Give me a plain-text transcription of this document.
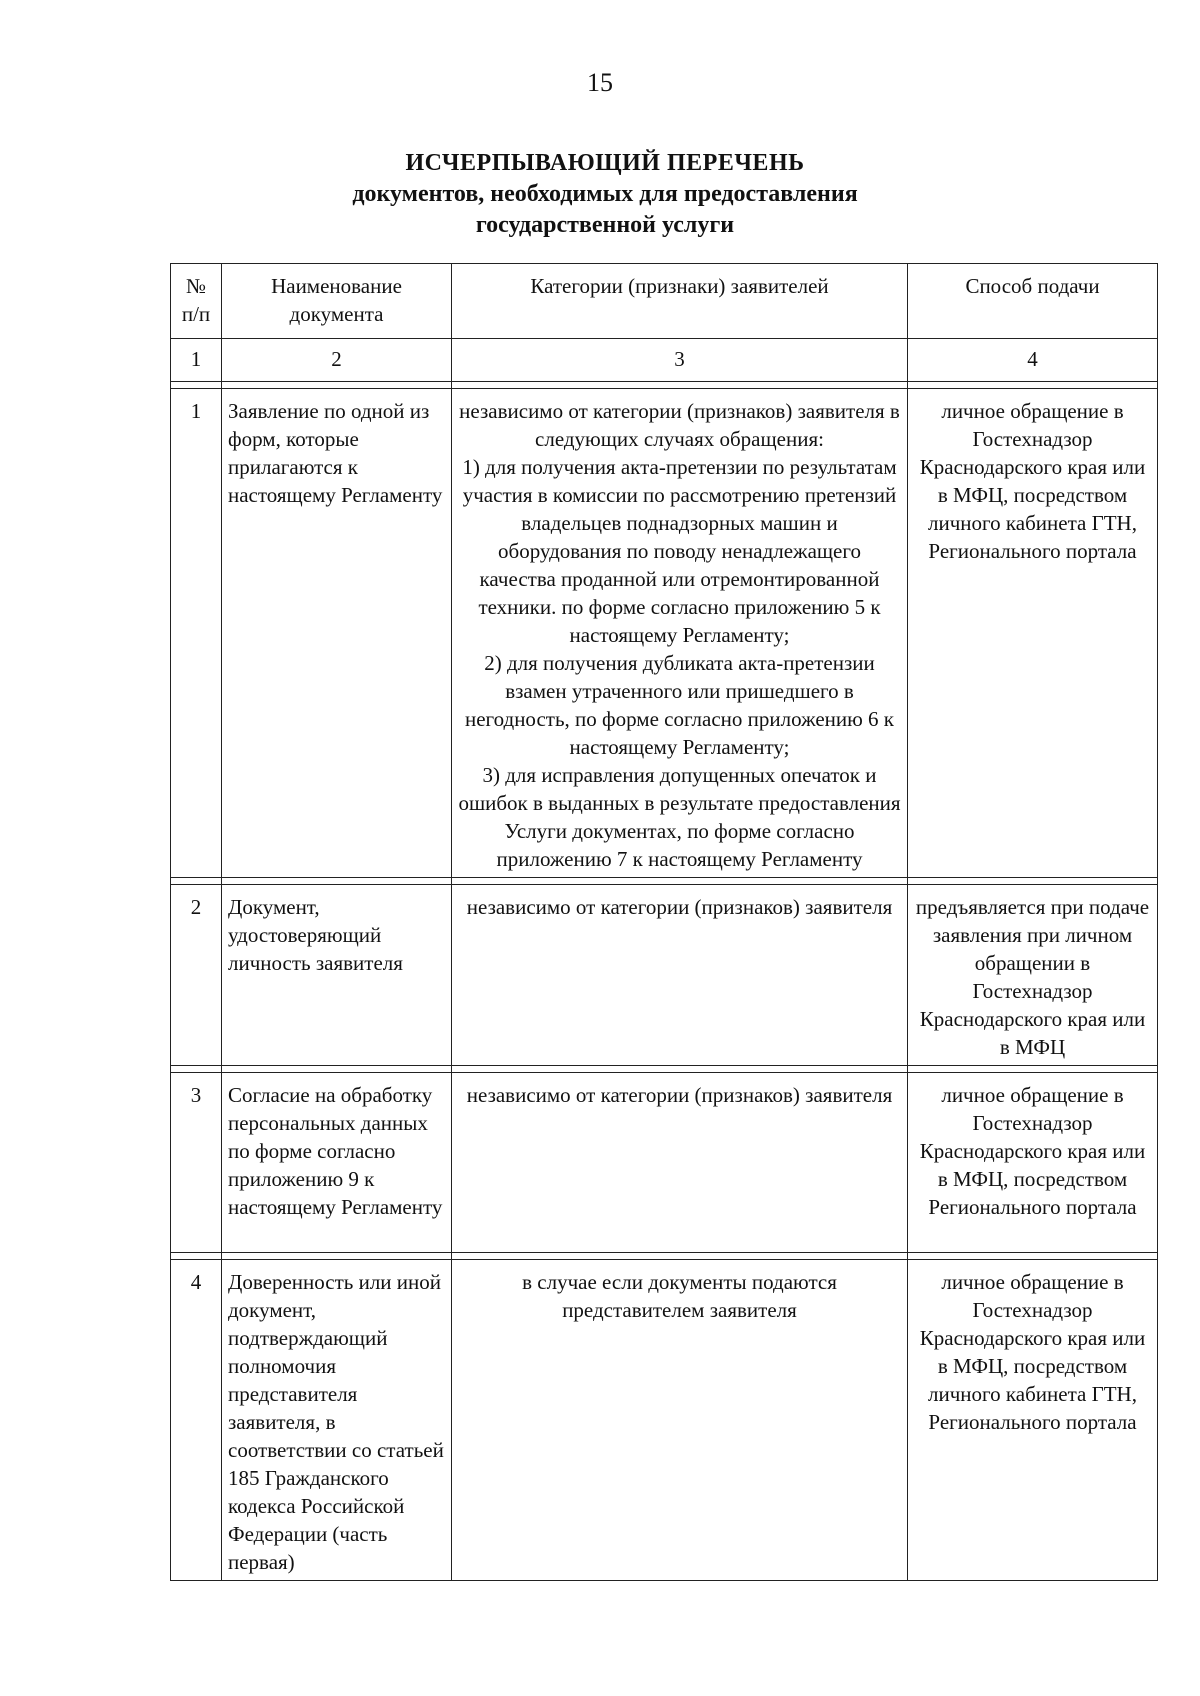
15
ИСЧЕРПЫВАЮЩИЙ ПЕРЕЧЕНЬ
документов, необходимых для предоставления
государственной услуги
№ п/п	Наименование документа	Категории (признаки) заявителей	Способ подачи
1	2	3	4

1	Заявление по одной из форм, которые прилагаются к настоящему Регламенту	независимо от категории (признаков) заявителя в следующих случаях обращения:
1) для получения акта-претензии по результатам участия в комиссии по рассмотрению претензий владельцев поднадзорных машин и оборудования по поводу ненадлежащего качества проданной или отремонтированной техники. по форме согласно приложению 5 к настоящему Регламенту;
2) для получения дубликата акта-претензии взамен утраченного или пришедшего в негодность, по форме согласно приложению 6 к настоящему Регламенту;
3) для исправления допущенных опечаток и ошибок в выданных в результате предоставления Услуги документах, по форме согласно приложению 7 к настоящему Регламенту	личное обращение в Гостехнадзор Краснодарского края или в МФЦ, посредством личного кабинета ГТН, Регионального портала

2	Документ, удостоверяющий личность заявителя	независимо от категории (признаков) заявителя	предъявляется при подаче заявления при личном обращении в Гостехнадзор Краснодарского края или в МФЦ

3	Согласие на обработку персональных данных по форме согласно приложению 9 к настоящему Регламенту	независимо от категории (признаков) заявителя	личное обращение в Гостехнадзор Краснодарского края или в МФЦ, посредством Регионального портала

4	Доверенность или иной документ, подтверждающий полномочия представителя заявителя, в соответствии со статьей 185 Гражданского кодекса Российской Федерации (часть первая)	в случае если документы подаются представителем заявителя	личное обращение в Гостехнадзор Краснодарского края или в МФЦ, посредством личного кабинета ГТН, Регионального портала
